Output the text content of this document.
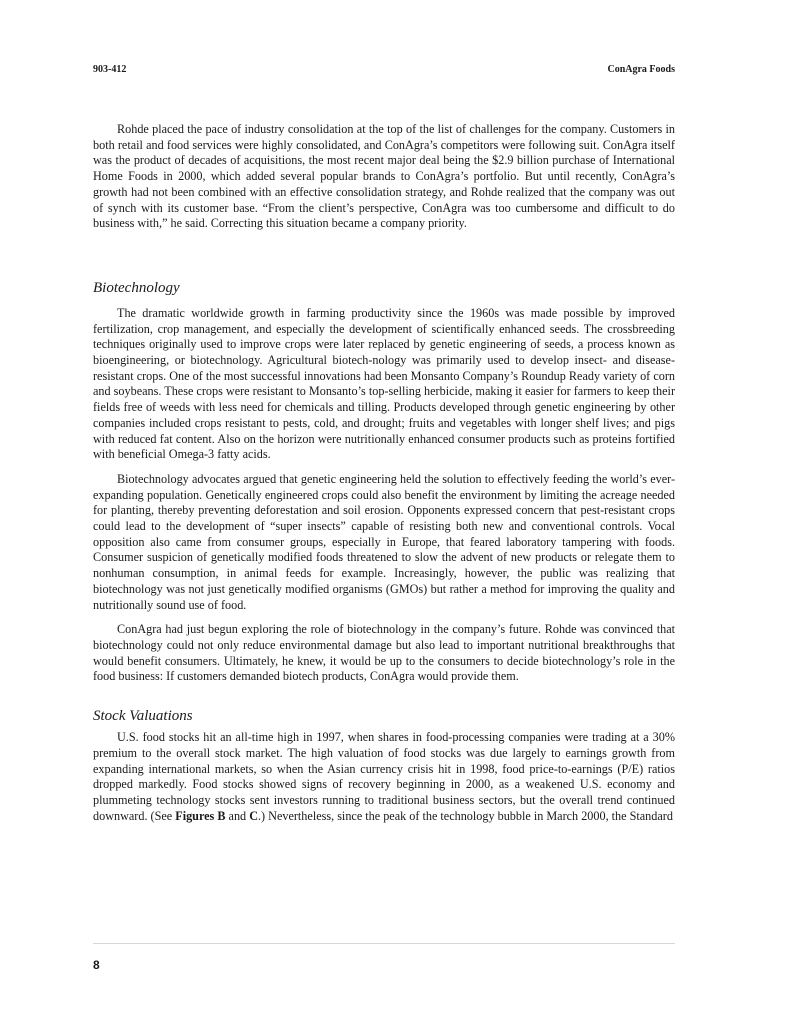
903-412	ConAgra Foods

Rohde placed the pace of industry consolidation at the top of the list of challenges for the company. Customers in both retail and food services were highly consolidated, and ConAgra’s competitors were following suit. ConAgra itself was the product of decades of acquisitions, the most recent major deal being the $2.9 billion purchase of International Home Foods in 2000, which added several popular brands to ConAgra’s portfolio. But until recently, ConAgra’s growth had not been combined with an effective consolidation strategy, and Rohde realized that the company was out of synch with its customer base. “From the client’s perspective, ConAgra was too cumbersome and difficult to do business with,” he said. Correcting this situation became a company priority.

Biotechnology

The dramatic worldwide growth in farming productivity since the 1960s was made possible by improved fertilization, crop management, and especially the development of scientifically enhanced seeds. The crossbreeding techniques originally used to improve crops were later replaced by genetic engineering of seeds, a process known as bioengineering, or biotechnology. Agricultural biotech-nology was primarily used to develop insect- and disease-resistant crops. One of the most successful innovations had been Monsanto Company’s Roundup Ready variety of corn and soybeans. These crops were resistant to Monsanto’s top-selling herbicide, making it easier for farmers to keep their fields free of weeds with less need for chemicals and tilling. Products developed through genetic engineering by other companies included crops resistant to pests, cold, and drought; fruits and vegetables with longer shelf lives; and pigs with reduced fat content. Also on the horizon were nutritionally enhanced consumer products such as proteins fortified with beneficial Omega-3 fatty acids.

Biotechnology advocates argued that genetic engineering held the solution to effectively feeding the world’s ever-expanding population. Genetically engineered crops could also benefit the environment by limiting the acreage needed for planting, thereby preventing deforestation and soil erosion. Opponents expressed concern that pest-resistant crops could lead to the development of “super insects” capable of resisting both new and conventional controls. Vocal opposition also came from consumer groups, especially in Europe, that feared laboratory tampering with foods. Consumer suspicion of genetically modified foods threatened to slow the advent of new products or relegate them to nonhuman consumption, in animal feeds for example. Increasingly, however, the public was realizing that biotechnology was not just genetically modified organisms (GMOs) but rather a method for improving the quality and nutritionally sound use of food.

ConAgra had just begun exploring the role of biotechnology in the company’s future. Rohde was convinced that biotechnology could not only reduce environmental damage but also lead to important nutritional breakthroughs that would benefit consumers. Ultimately, he knew, it would be up to the consumers to decide biotechnology’s role in the food business: If customers demanded biotech products, ConAgra would provide them.

Stock Valuations

U.S. food stocks hit an all-time high in 1997, when shares in food-processing companies were trading at a 30% premium to the overall stock market. The high valuation of food stocks was due largely to earnings growth from expanding international markets, so when the Asian currency crisis hit in 1998, food price-to-earnings (P/E) ratios dropped markedly. Food stocks showed signs of recovery beginning in 2000, as a weakened U.S. economy and plummeting technology stocks sent investors running to traditional business sectors, but the overall trend continued downward. (See Figures B and C.) Nevertheless, since the peak of the technology bubble in March 2000, the Standard

8
